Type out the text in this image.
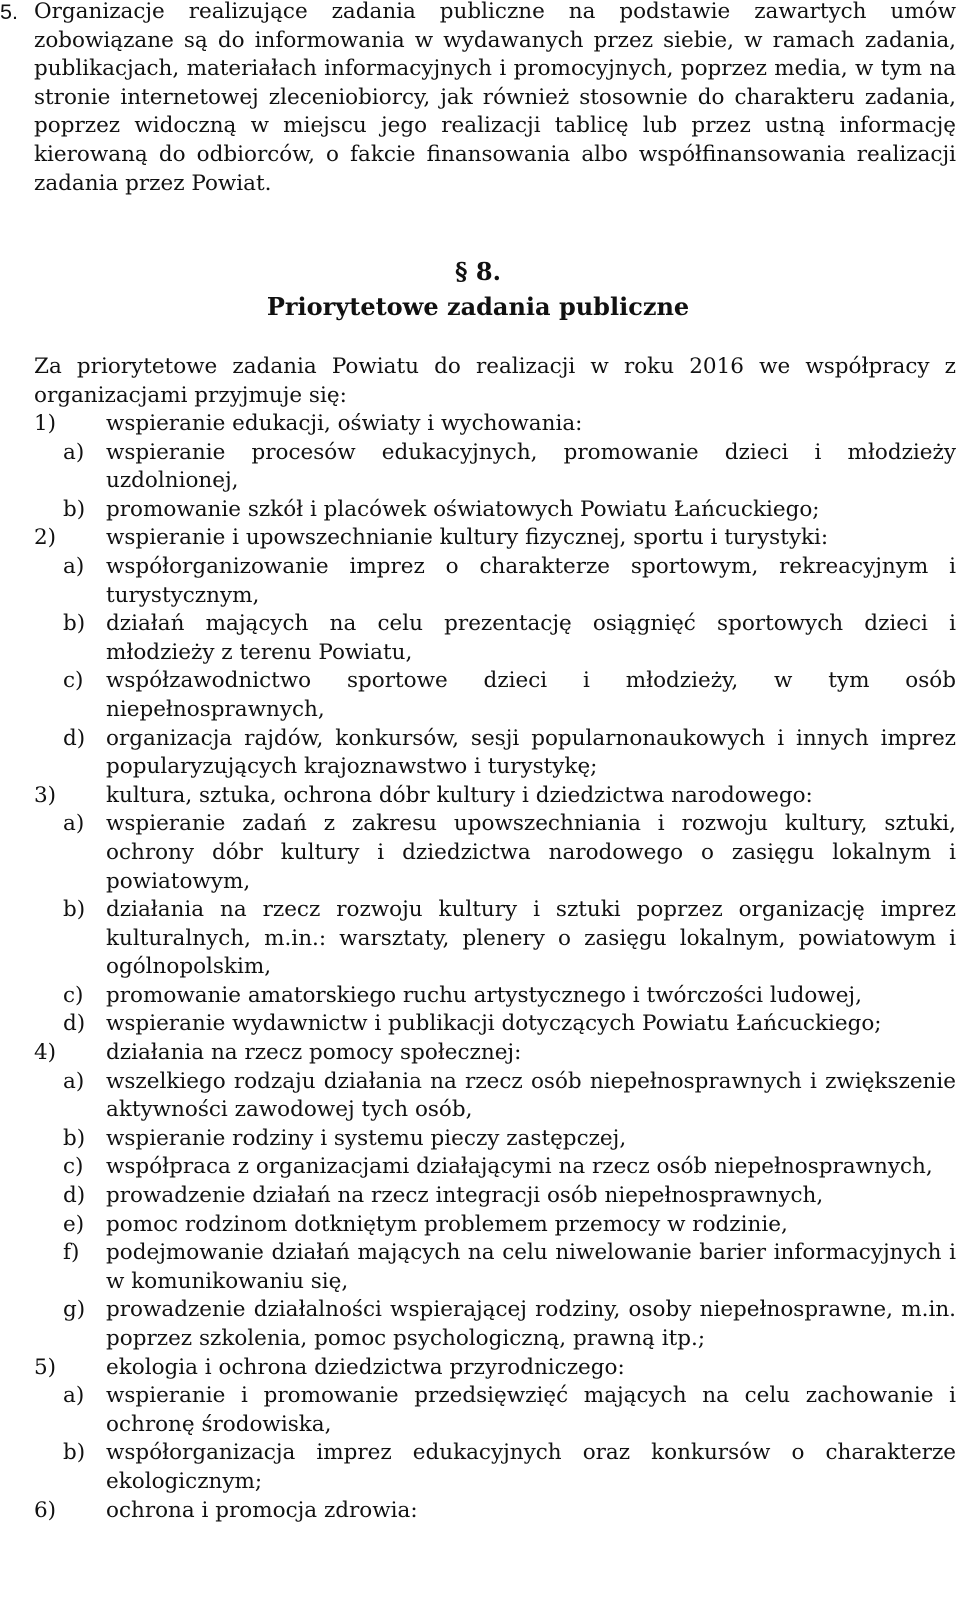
5. Organizacje realizujące zadania publiczne na podstawie zawartych umów zobowiązane są do informowania w wydawanych przez siebie, w ramach zadania, publikacjach, materiałach informacyjnych i promocyjnych, poprzez media, w tym na stronie internetowej zleceniobiorcy, jak również stosownie do charakteru zadania, poprzez widoczną w miejscu jego realizacji tablicę lub przez ustną informację kierowaną do odbiorców, o fakcie finansowania albo współfinansowania realizacji zadania przez Powiat.
§ 8.
Priorytetowe zadania publiczne
Za priorytetowe zadania Powiatu do realizacji w roku 2016 we współpracy z organizacjami przyjmuje się:
1) wspieranie edukacji, oświaty i wychowania:
a) wspieranie procesów edukacyjnych, promowanie dzieci i młodzieży uzdolnionej,
b) promowanie szkół i placówek oświatowych Powiatu Łańcuckiego;
2) wspieranie i upowszechnianie kultury fizycznej, sportu i turystyki:
a) współorganizowanie imprez o charakterze sportowym, rekreacyjnym i turystycznym,
b) działań mających na celu prezentację osiągnięć sportowych dzieci i młodzieży z terenu Powiatu,
c) współzawodnictwo sportowe dzieci i młodzieży, w tym osób niepełnosprawnych,
d) organizacja rajdów, konkursów, sesji popularnonaukowych i innych imprez popularyzujących krajoznawstwo i turystykę;
3) kultura, sztuka, ochrona dóbr kultury i dziedzictwa narodowego:
a) wspieranie zadań z zakresu upowszechniania i rozwoju kultury, sztuki, ochrony dóbr kultury i dziedzictwa narodowego o zasięgu lokalnym i powiatowym,
b) działania na rzecz rozwoju kultury i sztuki poprzez organizację imprez kulturalnych, m.in.: warsztaty, plenery o zasięgu lokalnym, powiatowym i ogólnopolskim,
c) promowanie amatorskiego ruchu artystycznego i twórczości ludowej,
d) wspieranie wydawnictw i publikacji dotyczących Powiatu Łańcuckiego;
4) działania na rzecz pomocy społecznej:
a) wszelkiego rodzaju działania na rzecz osób niepełnosprawnych i zwiększenie aktywności zawodowej tych osób,
b) wspieranie rodziny i systemu pieczy zastępczej,
c) współpraca z organizacjami działającymi na rzecz osób niepełnosprawnych,
d) prowadzenie działań na rzecz integracji osób niepełnosprawnych,
e) pomoc rodzinom dotkniętym problemem przemocy w rodzinie,
f) podejmowanie działań mających na celu niwelowanie barier informacyjnych i w komunikowaniu się,
g) prowadzenie działalności wspierającej rodziny, osoby niepełnosprawne, m.in. poprzez szkolenia, pomoc psychologiczną, prawną itp.;
5) ekologia i ochrona dziedzictwa przyrodniczego:
a) wspieranie i promowanie przedsięwzięć mających na celu zachowanie i ochronę środowiska,
b) współorganizacja imprez edukacyjnych oraz konkursów o charakterze ekologicznym;
6) ochrona i promocja zdrowia:
